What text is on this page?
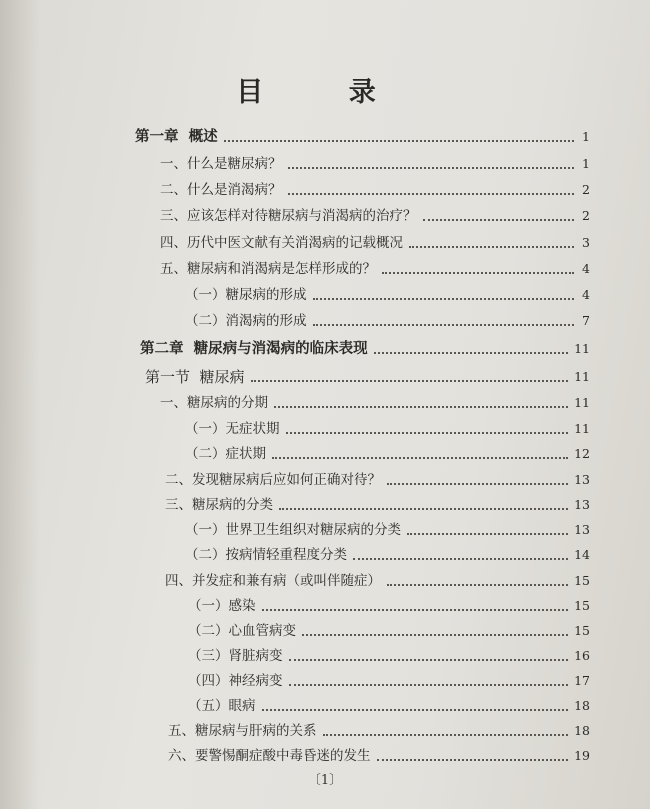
目 录
第一章  概述	1
一、什么是糖尿病？	1
二、什么是消渴病？	2
三、应该怎样对待糖尿病与消渴病的治疗？	2
四、历代中医文献有关消渴病的记载概况	3
五、糖尿病和消渴病是怎样形成的？	4
（一）糖尿病的形成	4
（二）消渴病的形成	7
第二章  糖尿病与消渴病的临床表现	11
第一节  糖尿病	11
一、糖尿病的分期	11
（一）无症状期	11
（二）症状期	12
二、发现糖尿病后应如何正确对待？	13
三、糖尿病的分类	13
（一）世界卫生组织对糖尿病的分类	13
（二）按病情轻重程度分类	14
四、并发症和兼有病（或叫伴随症）	15
（一）感染	15
（二）心血管病变	15
（三）肾脏病变	16
（四）神经病变	17
（五）眼病	18
五、糖尿病与肝病的关系	18
六、要警惕酮症酸中毒昏迷的发生	19
〔1〕
